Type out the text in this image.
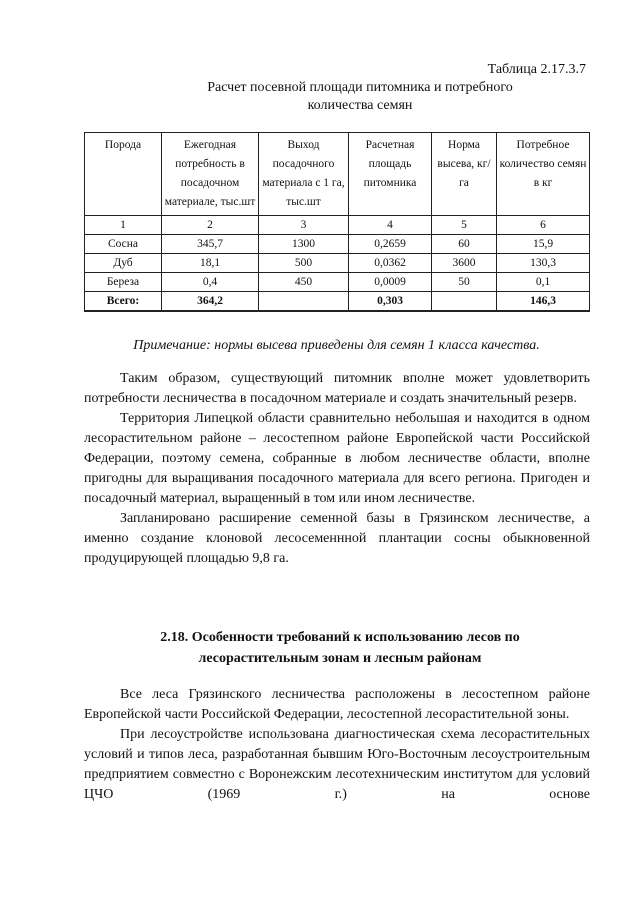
Таблица 2.17.3.7
Расчет посевной площади питомника и потребного
количества семян
Порода	Ежегодная потребность в посадочном материале, тыс.шт	Выход посадочного материала с 1 га, тыс.шт	Расчетная площадь питомника	Норма высева, кг/га	Потребное количество семян в кг
1	2	3	4	5	6
Сосна	345,7	1300	0,2659	60	15,9
Дуб	18,1	500	0,0362	3600	130,3
Береза	0,4	450	0,0009	50	0,1
Всего:	364,2		0,303		146,3
Примечание: нормы высева приведены для семян 1 класса качества.

Таким образом, существующий питомник вполне может удовлетворить потребности лесничества в посадочном материале и создать значительный резерв.

Территория Липецкой области сравнительно небольшая и находится в одном лесорастительном районе – лесостепном районе Европейской части Российской Федерации, поэтому семена, собранные в любом лесничестве области, вполне пригодны для выращивания посадочного материала для всего региона. Пригоден и посадочный материал, выращенный в том или ином лесничестве.

Запланировано расширение семенной базы в Грязинском лесничестве, а именно создание клоновой лесосеменнной плантации сосны обыкновенной продуцирующей площадью 9,8 га.

2.18. Особенности требований к использованию лесов по
лесорастительным зонам и лесным районам

Все леса Грязинского лесничества расположены в лесостепном районе Европейской части Российской Федерации, лесостепной лесорастительной зоны.

При лесоустройстве использована диагностическая схема лесорастительных условий и типов леса, разработанная бывшим Юго-Восточным лесоустроительным предприятием совместно с Воронежским лесотехническим институтом для условий ЦЧО (1969 г.) на основе
